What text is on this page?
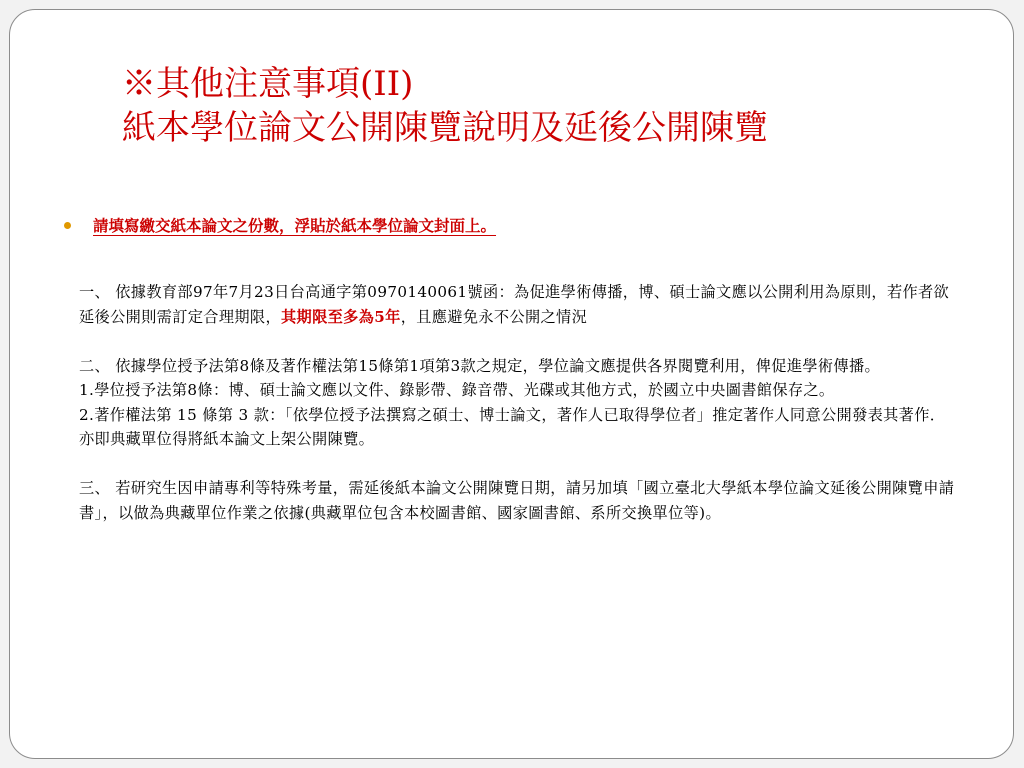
※其他注意事項(II)
紙本學位論文公開陳覽說明及延後公開陳覽
請填寫繳交紙本論文之份數，浮貼於紙本學位論文封面上。

一、 依據教育部97年7月23日台高通字第0970140061號函：為促進學術傳播，博、碩士論文應以公開利用為原則，若作者欲延後公開則需訂定合理期限，其期限至多為5年，且應避免永不公開之情況

二、 依據學位授予法第8條及著作權法第15條第1項第3款之規定，學位論文應提供各界閱覽利用，俾促進學術傳播。

1.學位授予法第8條：博、碩士論文應以文件、錄影帶、錄音帶、光碟或其他方式，於國立中央圖書館保存之。

2.著作權法第 15 條第 3 款：「依學位授予法撰寫之碩士、博士論文，著作人已取得學位者」推定著作人同意公開發表其著作． 亦即典藏單位得將紙本論文上架公開陳覽。

三、 若研究生因申請專利等特殊考量，需延後紙本論文公開陳覽日期，請另加填「國立臺北大學紙本學位論文延後公開陳覽申請書」，以做為典藏單位作業之依據(典藏單位包含本校圖書館、國家圖書館、系所交換單位等)。
